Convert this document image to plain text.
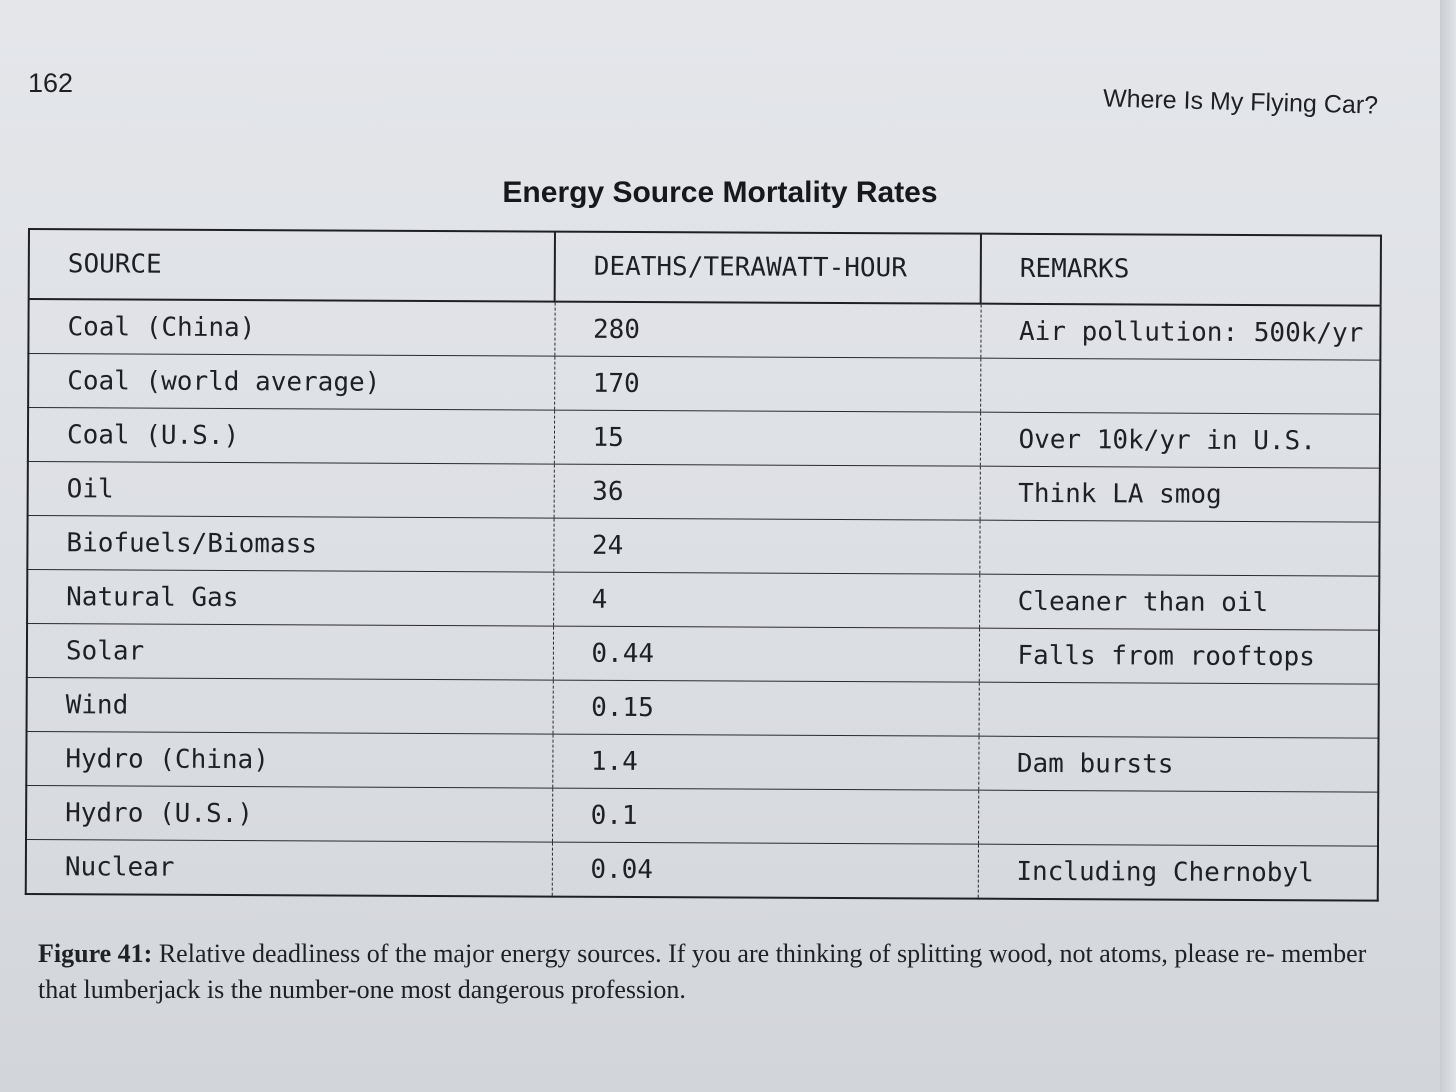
162
Where Is My Flying Car?
Energy Source Mortality Rates
SOURCE	DEATHS/TERAWATT-HOUR	REMARKS
Coal (China)	280	Air pollution: 500k/yr
Coal (world average)	170	
Coal (U.S.)	15	Over 10k/yr in U.S.
Oil	36	Think LA smog
Biofuels/Biomass	24	
Natural Gas	4	Cleaner than oil
Solar	0.44	Falls from rooftops
Wind	0.15	
Hydro (China)	1.4	Dam bursts
Hydro (U.S.)	0.1	
Nuclear	0.04	Including Chernobyl
Figure 41: Relative deadliness of the major energy sources. If you are thinking of splitting wood, not atoms, please re- member that lumberjack is the number-one most dangerous profession.
